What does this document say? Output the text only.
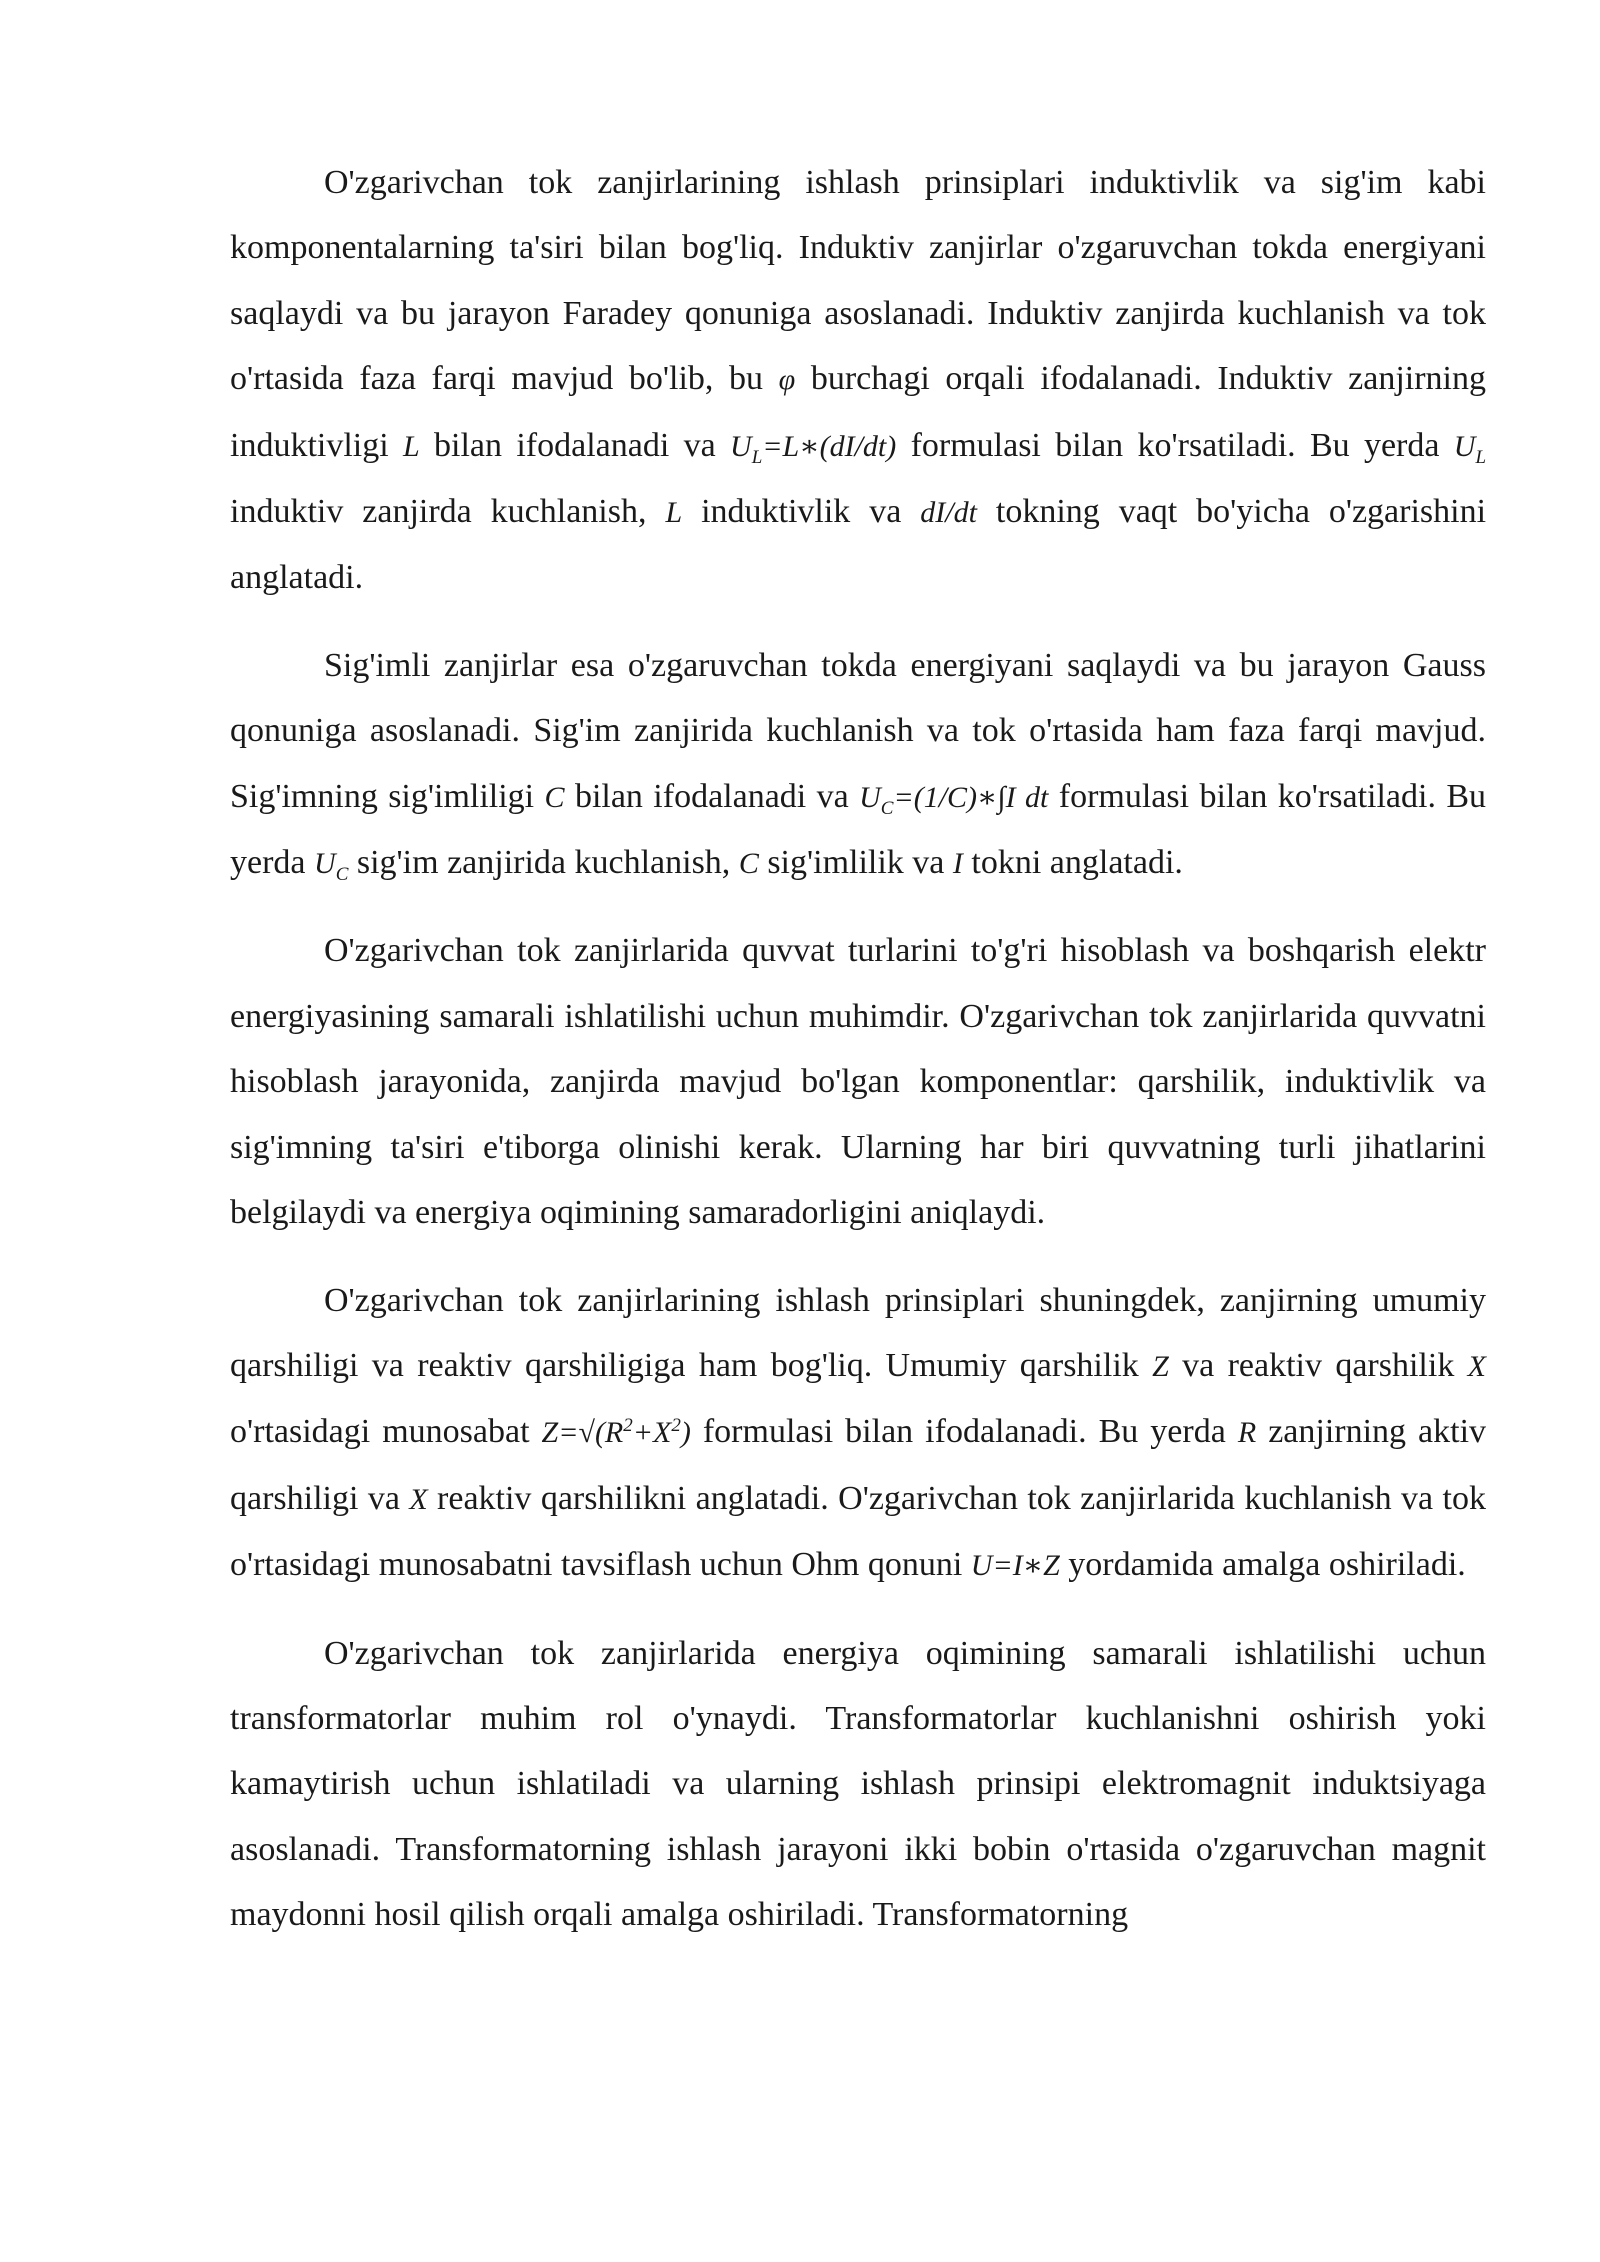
O'zgarivchan tok zanjirlarining ishlash prinsiplari induktivlik va sig'im kabi komponentalarning ta'siri bilan bog'liq. Induktiv zanjirlar o'zgaruvchan tokda energiyani saqlaydi va bu jarayon Faradey qonuniga asoslanadi. Induktiv zanjirda kuchlanish va tok o'rtasida faza farqi mavjud bo'lib, bu φ burchagi orqali ifodalanadi. Induktiv zanjirning induktivligi L bilan ifodalanadi va $U_L=L∗(dI/dt)$ formulasi bilan ko'rsatiladi. Bu yerda $U_L$ induktiv zanjirda kuchlanish, L induktivlik va dI/dt tokning vaqt bo'yicha o'zgarishini anglatadi.

Sig'imli zanjirlar esa o'zgaruvchan tokda energiyani saqlaydi va bu jarayon Gauss qonuniga asoslanadi. Sig'im zanjirida kuchlanish va tok o'rtasida ham faza farqi mavjud. Sig'imning sig'imliligi C bilan ifodalanadi va $U_C=(1/C)∗\int I$ dt formulasi bilan ko'rsatiladi. Bu yerda $U_C$ sig'im zanjirida kuchlanish, C sig'imlilik va I tokni anglatadi.

O'zgarivchan tok zanjirlarida quvvat turlarini to'g'ri hisoblash va boshqarish elektr energiyasining samarali ishlatilishi uchun muhimdir. O'zgarivchan tok zanjirlarida quvvatni hisoblash jarayonida, zanjirda mavjud bo'lgan komponentlar: qarshilik, induktivlik va sig'imning ta'siri e'tiborga olinishi kerak. Ularning har biri quvvatning turli jihatlarini belgilaydi va energiya oqimining samaradorligini aniqlaydi.

O'zgarivchan tok zanjirlarining ishlash prinsiplari shuningdek, zanjirning umumiy qarshiligi va reaktiv qarshiligiga ham bog'liq. Umumiy qarshilik Z va reaktiv qarshilik X o'rtasidagi munosabat $Z=√(R^2+X^2)$ formulasi bilan ifodalanadi. Bu yerda R zanjirning aktiv qarshiligi va X reaktiv qarshilikni anglatadi. O'zgarivchan tok zanjirlarida kuchlanish va tok o'rtasidagi munosabatni tavsiflash uchun Ohm qonuni U=I∗Z yordamida amalga oshiriladi.

O'zgarivchan tok zanjirlarida energiya oqimining samarali ishlatilishi uchun transformatorlar muhim rol o'ynaydi. Transformatorlar kuchlanishni oshirish yoki kamaytirish uchun ishlatiladi va ularning ishlash prinsipi elektromagnit induktsiyaga asoslanadi. Transformatorning ishlash jarayoni ikki bobin o'rtasida o'zgaruvchan magnit maydonni hosil qilish orqali amalga oshiriladi. Transformatorning
